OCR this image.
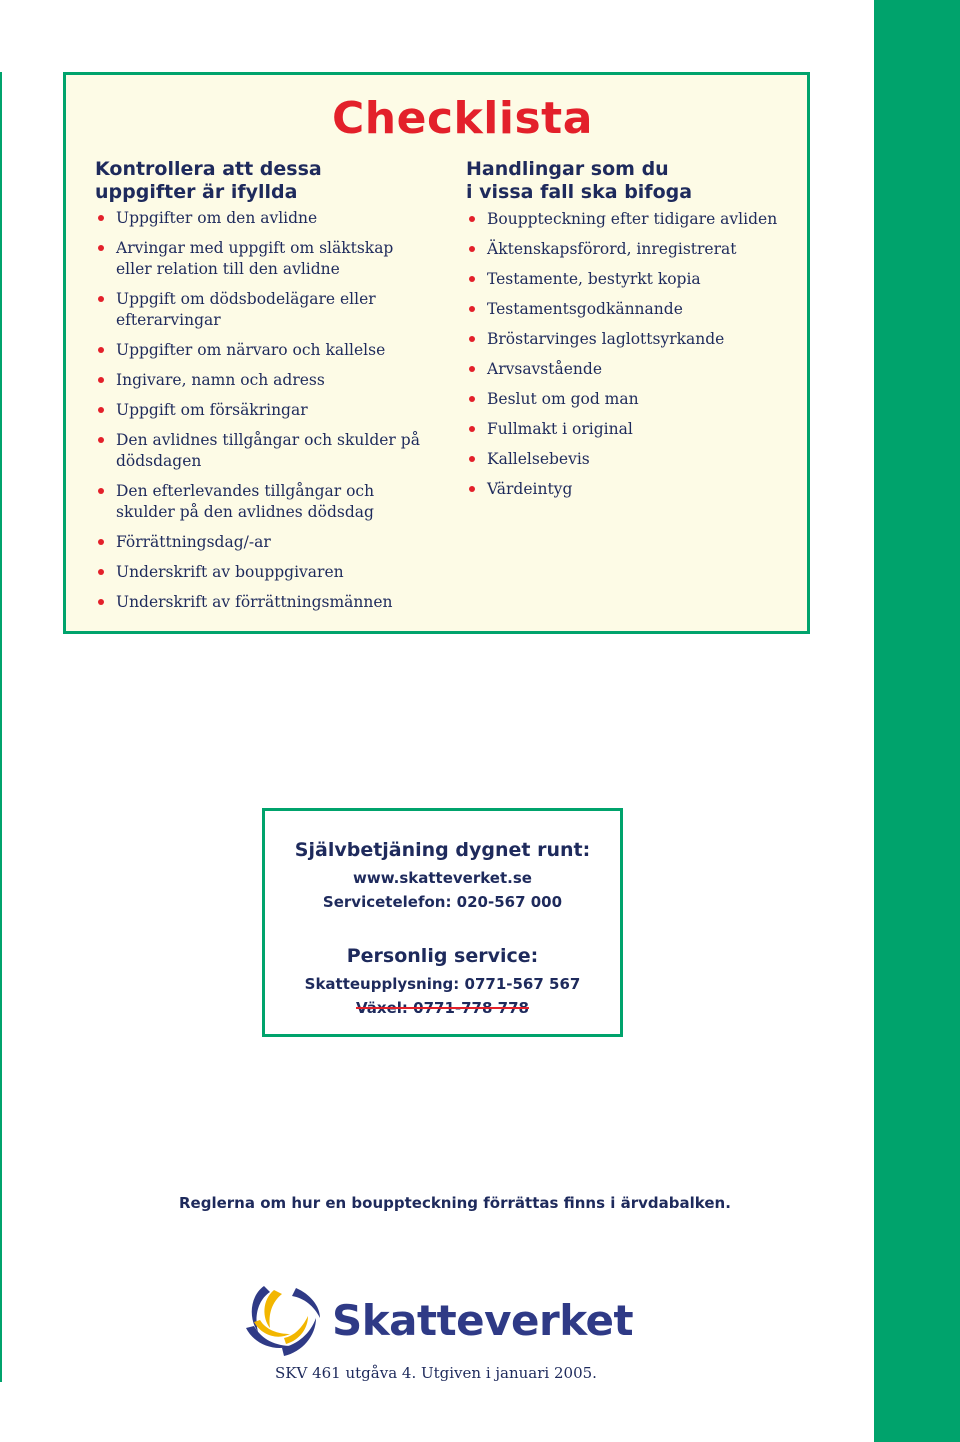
Checklista
Kontrollera att dessa
uppgifter är ifyllda
Uppgifter om den avlidne
Arvingar med uppgift om släktskap eller relation till den avlidne
Uppgift om dödsbodelägare eller efterarvingar
Uppgifter om närvaro och kallelse
Ingivare, namn och adress
Uppgift om försäkringar
Den avlidnes tillgångar och skulder på dödsdagen
Den efterlevandes tillgångar och skulder på den avlidnes dödsdag
Förrättningsdag/-ar
Underskrift av bouppgivaren
Underskrift av förrättningsmännen
Handlingar som du
i vissa fall ska bifoga
Bouppteckning efter tidigare avliden
Äktenskapsförord, inregistrerat
Testamente, bestyrkt kopia
Testamentsgodkännande
Bröstarvinges laglottsyrkande
Arvsavstående
Beslut om god man
Fullmakt i original
Kallelsebevis
Värdeintyg

Självbetjäning dygnet runt:

www.skatteverket.se

Servicetelefon: 020-567 000

Personlig service:

Skatteupplysning: 0771-567 567

Växel: 0771-778 778

Reglerna om hur en bouppteckning förrättas finns i ärvdabalken.

Skatteverket

SKV 461 utgåva 4. Utgiven i januari 2005.
